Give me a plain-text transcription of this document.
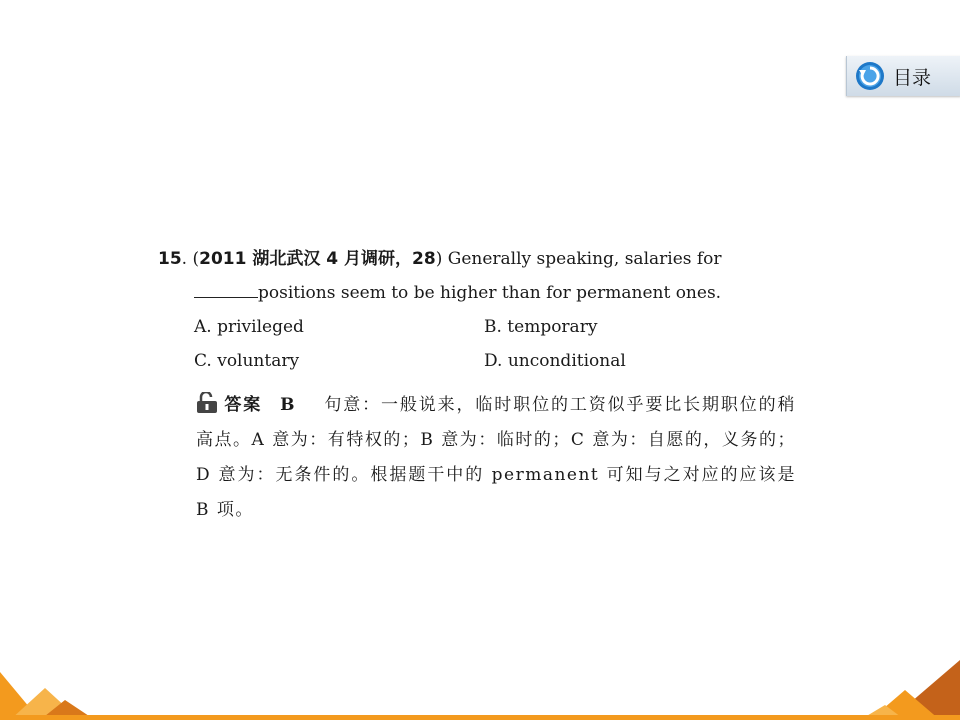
目录
15. (2011 湖北武汉 4 月调研，28) Generally speaking, salaries for
positions seem to be higher than for permanent ones.
A. privileged	B. temporary
C. voluntary	D. unconditional
答案 B 句意：一般说来，临时职位的工资似乎要比长期职位的稍高点。A 意为：有特权的；B 意为：临时的；C 意为：自愿的，义务的；D 意为：无条件的。根据题干中的 permanent 可知与之对应的应该是 B 项。
